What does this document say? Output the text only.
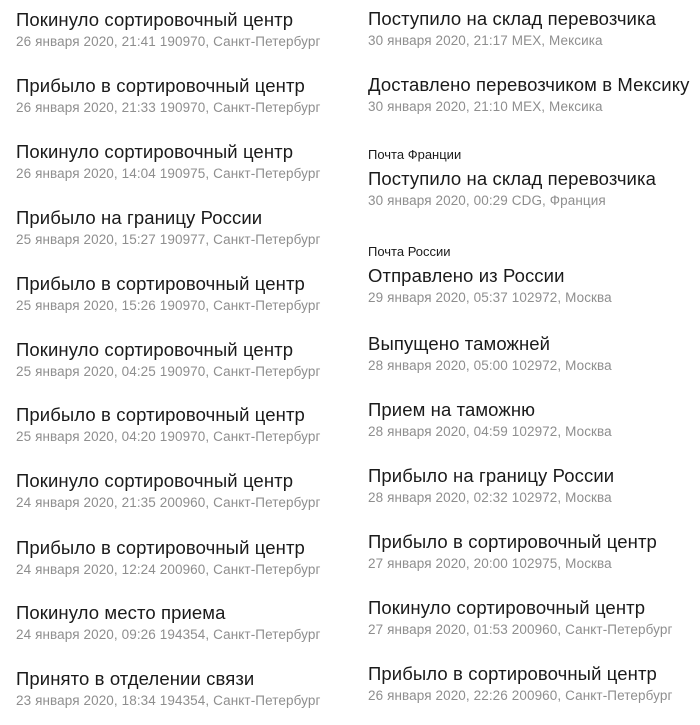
Покинуло сортировочный центр
26 января 2020, 21:41 190970, Санкт-Петербург
Прибыло в сортировочный центр
26 января 2020, 21:33 190970, Санкт-Петербург
Покинуло сортировочный центр
26 января 2020, 14:04 190975, Санкт-Петербург
Прибыло на границу России
25 января 2020, 15:27 190977, Санкт-Петербург
Прибыло в сортировочный центр
25 января 2020, 15:26 190970, Санкт-Петербург
Покинуло сортировочный центр
25 января 2020, 04:25 190970, Санкт-Петербург
Прибыло в сортировочный центр
25 января 2020, 04:20 190970, Санкт-Петербург
Покинуло сортировочный центр
24 января 2020, 21:35 200960, Санкт-Петербург
Прибыло в сортировочный центр
24 января 2020, 12:24 200960, Санкт-Петербург
Покинуло место приема
24 января 2020, 09:26 194354, Санкт-Петербург
Принято в отделении связи
23 января 2020, 18:34 194354, Санкт-Петербург
Поступило на склад перевозчика
30 января 2020, 21:17 MEX, Мексика
Доставлено перевозчиком в Мексику
30 января 2020, 21:10 MEX, Мексика
Почта Франции
Поступило на склад перевозчика
30 января 2020, 00:29 CDG, Франция
Почта России
Отправлено из России
29 января 2020, 05:37 102972, Москва
Выпущено таможней
28 января 2020, 05:00 102972, Москва
Прием на таможню
28 января 2020, 04:59 102972, Москва
Прибыло на границу России
28 января 2020, 02:32 102972, Москва
Прибыло в сортировочный центр
27 января 2020, 20:00 102975, Москва
Покинуло сортировочный центр
27 января 2020, 01:53 200960, Санкт-Петербург
Прибыло в сортировочный центр
26 января 2020, 22:26 200960, Санкт-Петербург
